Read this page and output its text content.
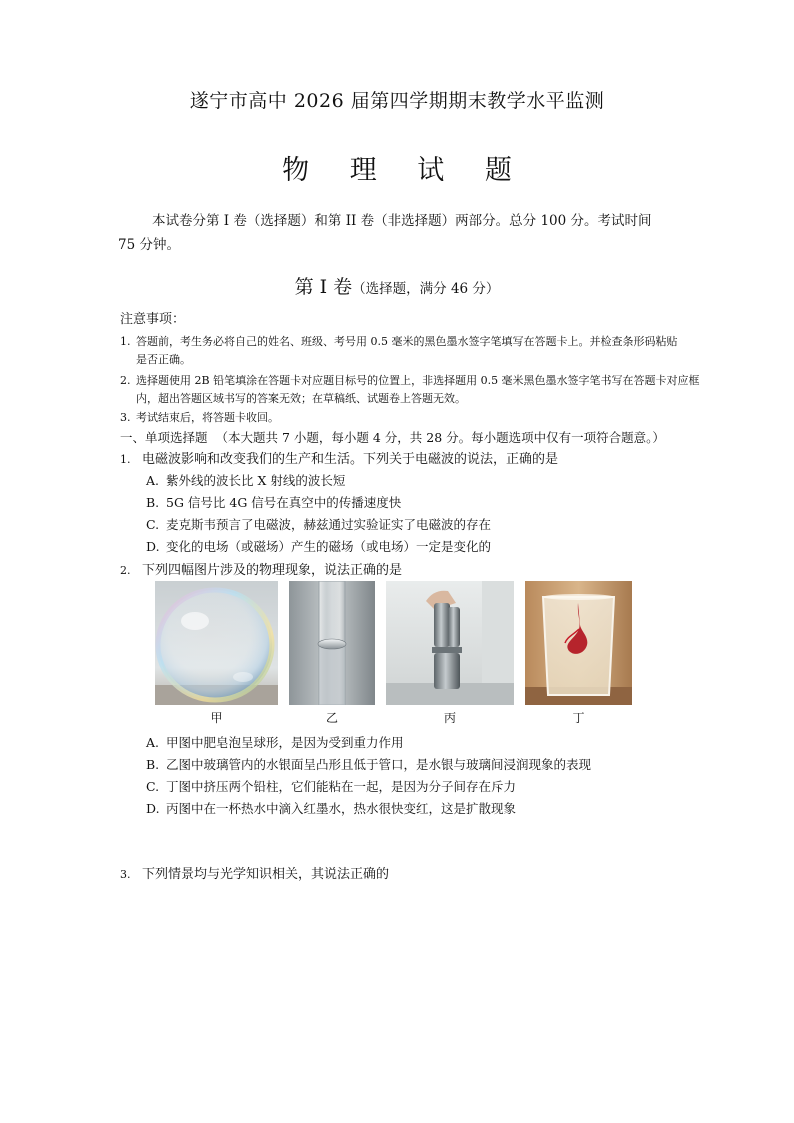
遂宁市高中 2026 届第四学期期末教学水平监测
物 理 试 题
本试卷分第 I 卷（选择题）和第 II 卷（非选择题）两部分。总分 100 分。考试时间
75 分钟。
第 I 卷（选择题，满分 46 分）
注意事项：
1. 答题前，考生务必将自己的姓名、班级、考号用 0.5 毫米的黑色墨水签字笔填写在答题卡上。并检查条形码粘贴
是否正确。
2. 选择题使用 2B 铅笔填涂在答题卡对应题目标号的位置上，非选择题用 0.5 毫米黑色墨水签字笔书写在答题卡对应框
内，超出答题区域书写的答案无效；在草稿纸、试题卷上答题无效。
3. 考试结束后，将答题卡收回。
一、单项选择题 （本大题共 7 小题，每小题 4 分，共 28 分。每小题选项中仅有一项符合题意。）
1. 电磁波影响和改变我们的生产和生活。下列关于电磁波的说法，正确的是
A. 紫外线的波长比 X 射线的波长短
B. 5G 信号比 4G 信号在真空中的传播速度快
C. 麦克斯韦预言了电磁波，赫兹通过实验证实了电磁波的存在
D. 变化的电场（或磁场）产生的磁场（或电场）一定是变化的
2. 下列四幅图片涉及的物理现象，说法正确的是
甲	乙	丙	丁
A. 甲图中肥皂泡呈球形，是因为受到重力作用
B. 乙图中玻璃管内的水银面呈凸形且低于管口，是水银与玻璃间浸润现象的表现
C. 丁图中挤压两个铅柱，它们能粘在一起，是因为分子间存在斥力
D. 丙图中在一杯热水中滴入红墨水，热水很快变红，这是扩散现象
3. 下列情景均与光学知识相关，其说法正确的
